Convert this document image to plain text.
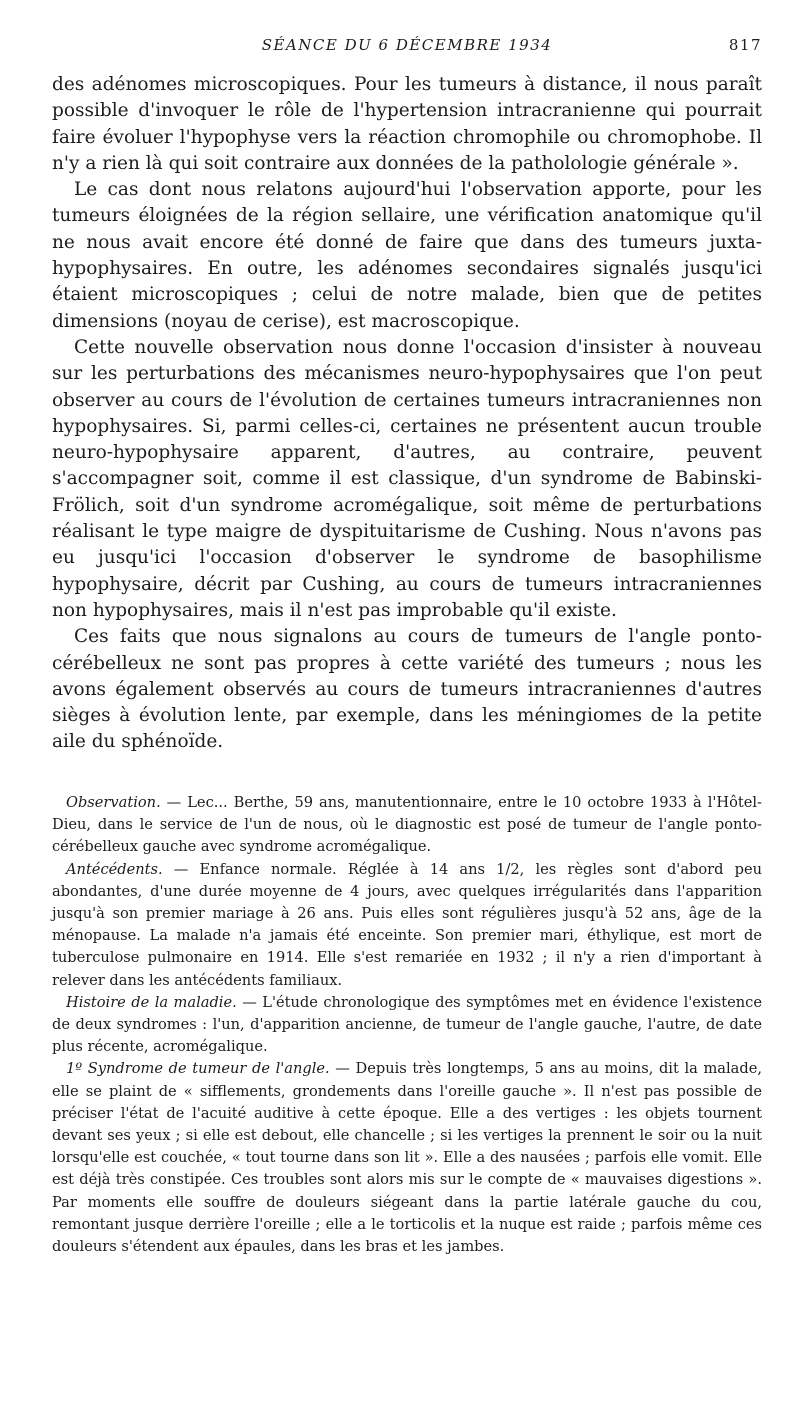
SÉANCE DU 6 DÉCEMBRE 1934	817

des adénomes microscopiques. Pour les tumeurs à distance, il nous paraît possible d'invoquer le rôle de l'hypertension intracranienne qui pourrait faire évoluer l'hypophyse vers la réaction chromophile ou chromophobe. Il n'y a rien là qui soit contraire aux données de la patholologie générale ».

Le cas dont nous relatons aujourd'hui l'observation apporte, pour les tumeurs éloignées de la région sellaire, une vérification anatomique qu'il ne nous avait encore été donné de faire que dans des tumeurs juxta-hypophysaires. En outre, les adénomes secondaires signalés jusqu'ici étaient microscopiques ; celui de notre malade, bien que de petites dimensions (noyau de cerise), est macroscopique.

Cette nouvelle observation nous donne l'occasion d'insister à nouveau sur les perturbations des mécanismes neuro-hypophysaires que l'on peut observer au cours de l'évolution de certaines tumeurs intracraniennes non hypophysaires. Si, parmi celles-ci, certaines ne présentent aucun trouble neuro-hypophysaire apparent, d'autres, au contraire, peuvent s'accompagner soit, comme il est classique, d'un syndrome de Babinski-Frölich, soit d'un syndrome acromégalique, soit même de perturbations réalisant le type maigre de dyspituitarisme de Cushing. Nous n'avons pas eu jusqu'ici l'occasion d'observer le syndrome de basophilisme hypophysaire, décrit par Cushing, au cours de tumeurs intracraniennes non hypophysaires, mais il n'est pas improbable qu'il existe.

Ces faits que nous signalons au cours de tumeurs de l'angle ponto-cérébelleux ne sont pas propres à cette variété des tumeurs ; nous les avons également observés au cours de tumeurs intracraniennes d'autres sièges à évolution lente, par exemple, dans les méningiomes de la petite aile du sphénoïde.

Observation. — Lec... Berthe, 59 ans, manutentionnaire, entre le 10 octobre 1933 à l'Hôtel-Dieu, dans le service de l'un de nous, où le diagnostic est posé de tumeur de l'angle ponto-cérébelleux gauche avec syndrome acromégalique.

Antécédents. — Enfance normale. Réglée à 14 ans 1/2, les règles sont d'abord peu abondantes, d'une durée moyenne de 4 jours, avec quelques irrégularités dans l'apparition jusqu'à son premier mariage à 26 ans. Puis elles sont régulières jusqu'à 52 ans, âge de la ménopause. La malade n'a jamais été enceinte. Son premier mari, éthylique, est mort de tuberculose pulmonaire en 1914. Elle s'est remariée en 1932 ; il n'y a rien d'important à relever dans les antécédents familiaux.

Histoire de la maladie. — L'étude chronologique des symptômes met en évidence l'existence de deux syndromes : l'un, d'apparition ancienne, de tumeur de l'angle gauche, l'autre, de date plus récente, acromégalique.

1º Syndrome de tumeur de l'angle. — Depuis très longtemps, 5 ans au moins, dit la malade, elle se plaint de « sifflements, grondements dans l'oreille gauche ». Il n'est pas possible de préciser l'état de l'acuité auditive à cette époque. Elle a des vertiges : les objets tournent devant ses yeux ; si elle est debout, elle chancelle ; si les vertiges la prennent le soir ou la nuit lorsqu'elle est couchée, « tout tourne dans son lit ». Elle a des nausées ; parfois elle vomit. Elle est déjà très constipée. Ces troubles sont alors mis sur le compte de « mauvaises digestions ». Par moments elle souffre de douleurs siégeant dans la partie latérale gauche du cou, remontant jusque derrière l'oreille ; elle a le torticolis et la nuque est raide ; parfois même ces douleurs s'étendent aux épaules, dans les bras et les jambes.
